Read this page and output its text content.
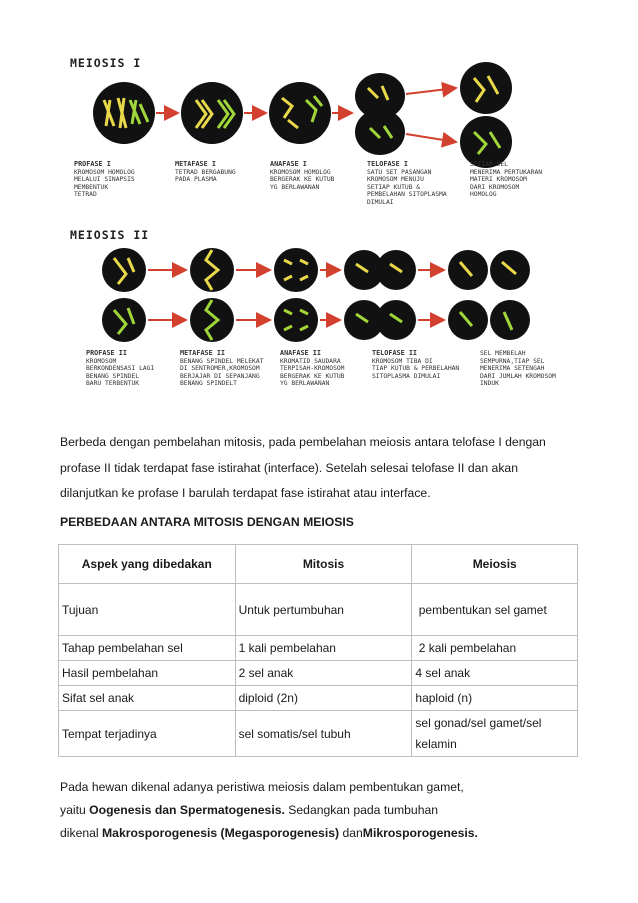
MEIOSIS I
PROFASE I
KROMOSOM HOMOLOG
MELALUI SINAPSIS
MEMBENTUK
TETRAD
METAFASE I
TETRAD BERGABUNG
PADA PLASMA
ANAFASE I
KROMOSOM HOMOLOG
BERGERAK KE KUTUB
YG BERLAWANAN
TELOFASE I
SATU SET PASANGAN
KROMOSOM MENUJU
SETIAP KUTUB &
PEMBELAHAN SITOPLASMA
DIMULAI
SETIAP SEL
MENERIMA PERTUKARAN
MATERI KROMOSOM
DARI KROMOSOM
HOMOLOG
MEIOSIS II
PROFASE II
KROMOSOM
BERKONDENSASI LAGI
BENANG SPINDEL
BARU TERBENTUK
METAFASE II
BENANG SPINDEL MELEKAT
DI SENTROMER,KROMOSOM
BERJAJAR DI SEPANJANG
BENANG SPINDELT
ANAFASE II
KROMATID SAUDARA
TERPISAH-KROMOSOM
BERGERAK KE KUTUB
YG BERLAWANAN
TELOFASE II
KROMOSOM TIBA DI
TIAP KUTUB & PERBELAHAN
SITOPLASMA DIMULAI
SEL MEMBELAH
SEMPURNA,TIAP SEL
MENERIMA SETENGAH
DARI JUMLAH KROMOSOM
INDUK
Berbeda dengan pembelahan mitosis, pada pembelahan meiosis antara telofase I dengan
profase II tidak terdapat fase istirahat (interface). Setelah selesai telofase II dan akan
dilanjutkan ke profase I barulah terdapat fase istirahat atau interface.
PERBEDAAN ANTARA MITOSIS DENGAN MEIOSIS
Aspek yang dibedakan	Mitosis	Meiosis
Tujuan	Untuk pertumbuhan	pembentukan sel gamet
Tahap pembelahan sel	1 kali pembelahan	2 kali pembelahan
Hasil pembelahan	2 sel anak	4 sel anak
Sifat sel anak	diploid (2n)	haploid (n)
Tempat terjadinya	sel somatis/sel tubuh	sel gonad/sel gamet/sel
kelamin
Pada hewan dikenal adanya peristiwa meiosis dalam pembentukan gamet,
yaitu Oogenesis dan Spermatogenesis. Sedangkan pada tumbuhan
dikenal Makrosporogenesis (Megasporogenesis) danMikrosporogenesis.
